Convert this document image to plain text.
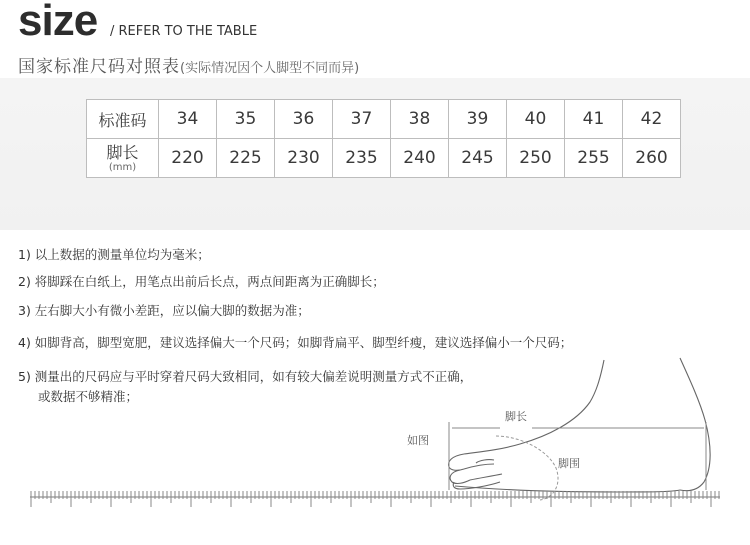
size / REFER TO THE TABLE
国家标准尺码对照表(实际情况因个人脚型不同而异)
标准码	34	35	36	37	38	39	40	41	42

脚长
(mm)	220	225	230	235	240	245	250	255	260
1) 以上数据的测量单位均为毫米；
2) 将脚踩在白纸上，用笔点出前后长点，两点间距离为正确脚长；
3) 左右脚大小有微小差距，应以偏大脚的数据为准；
4) 如脚背高，脚型宽肥，建议选择偏大一个尺码；如脚背扁平、脚型纤瘦，建议选择偏小一个尺码；
5) 测量出的尺码应与平时穿着尺码大致相同，如有较大偏差说明测量方式不正确，
或数据不够精准；
脚长
如图
脚围
